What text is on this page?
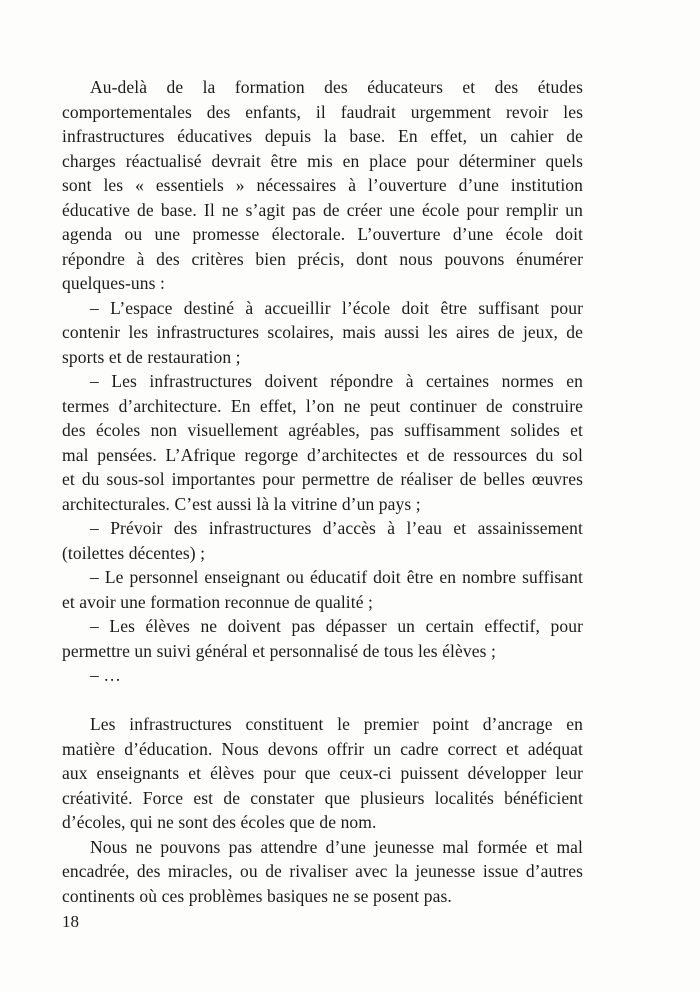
Au-delà de la formation des éducateurs et des études
comportementales des enfants, il faudrait urgemment revoir les
infrastructures éducatives depuis la base. En effet, un cahier de
charges réactualisé devrait être mis en place pour déterminer quels
sont les « essentiels » nécessaires à l’ouverture d’une institution
éducative de base. Il ne s’agit pas de créer une école pour remplir un
agenda ou une promesse électorale. L’ouverture d’une école doit
répondre à des critères bien précis, dont nous pouvons énumérer
quelques-uns :

– L’espace destiné à accueillir l’école doit être suffisant pour
contenir les infrastructures scolaires, mais aussi les aires de jeux, de
sports et de restauration ;

– Les infrastructures doivent répondre à certaines normes en
termes d’architecture. En effet, l’on ne peut continuer de construire
des écoles non visuellement agréables, pas suffisamment solides et
mal pensées. L’Afrique regorge d’architectes et de ressources du sol
et du sous-sol importantes pour permettre de réaliser de belles œuvres
architecturales. C’est aussi là la vitrine d’un pays ;

– Prévoir des infrastructures d’accès à l’eau et assainissement
(toilettes décentes) ;

– Le personnel enseignant ou éducatif doit être en nombre suffisant
et avoir une formation reconnue de qualité ;

– Les élèves ne doivent pas dépasser un certain effectif, pour
permettre un suivi général et personnalisé de tous les élèves ;

– …

Les infrastructures constituent le premier point d’ancrage en
matière d’éducation. Nous devons offrir un cadre correct et adéquat
aux enseignants et élèves pour que ceux-ci puissent développer leur
créativité. Force est de constater que plusieurs localités bénéficient
d’écoles, qui ne sont des écoles que de nom.

Nous ne pouvons pas attendre d’une jeunesse mal formée et mal
encadrée, des miracles, ou de rivaliser avec la jeunesse issue d’autres
continents où ces problèmes basiques ne se posent pas.

18
